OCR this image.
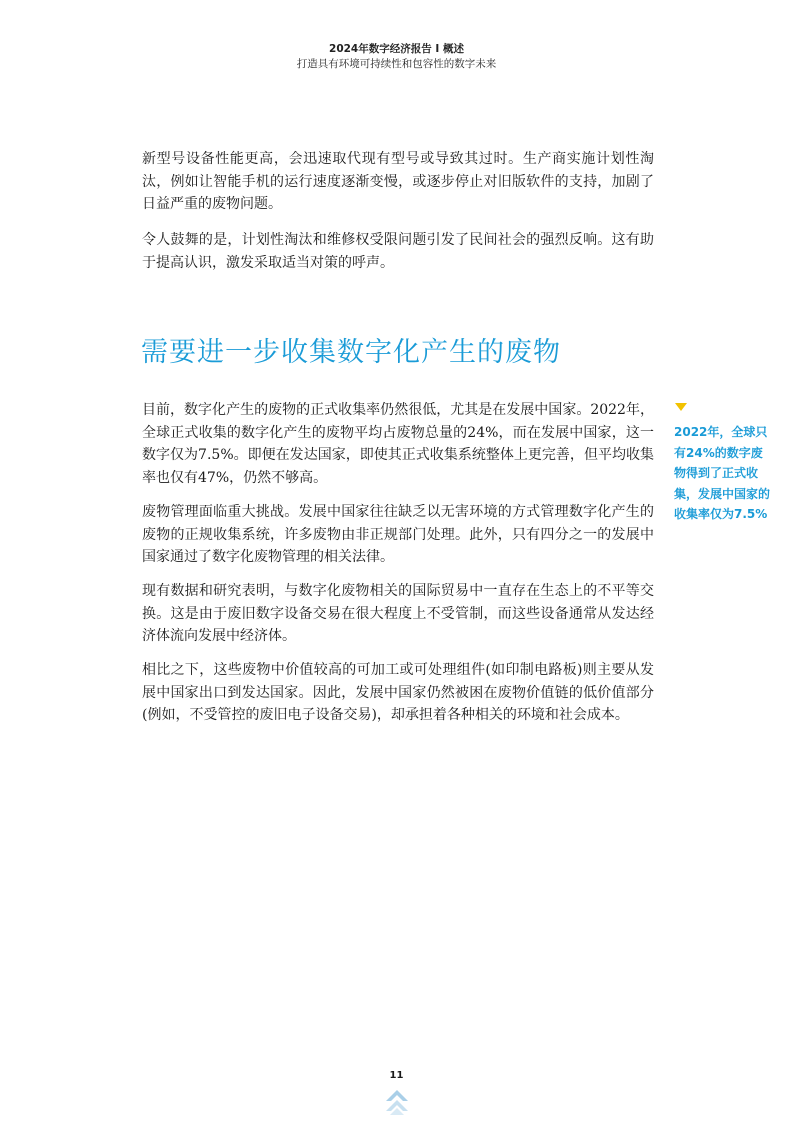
2024年数字经济报告 I 概述
打造具有环境可持续性和包容性的数字未来

新型号设备性能更高，会迅速取代现有型号或导致其过时。生产商实施计划性淘汰，例如让智能手机的运行速度逐渐变慢，或逐步停止对旧版软件的支持，加剧了日益严重的废物问题。

令人鼓舞的是，计划性淘汰和维修权受限问题引发了民间社会的强烈反响。这有助于提高认识，激发采取适当对策的呼声。

需要进一步收集数字化产生的废物

目前，数字化产生的废物的正式收集率仍然很低，尤其是在发展中国家。2022年，全球正式收集的数字化产生的废物平均占废物总量的24%，而在发展中国家，这一数字仅为7.5%。即便在发达国家，即使其正式收集系统整体上更完善，但平均收集率也仅有47%，仍然不够高。

废物管理面临重大挑战。发展中国家往往缺乏以无害环境的方式管理数字化产生的废物的正规收集系统，许多废物由非正规部门处理。此外，只有四分之一的发展中国家通过了数字化废物管理的相关法律。

现有数据和研究表明，与数字化废物相关的国际贸易中一直存在生态上的不平等交换。这是由于废旧数字设备交易在很大程度上不受管制，而这些设备通常从发达经济体流向发展中经济体。

相比之下，这些废物中价值较高的可加工或可处理组件(如印制电路板)则主要从发展中国家出口到发达国家。因此，发展中国家仍然被困在废物价值链的低价值部分(例如，不受管控的废旧电子设备交易)，却承担着各种相关的环境和社会成本。

2022年，全球只有24%的数字废物得到了正式收集，发展中国家的收集率仅为7.5%
11
